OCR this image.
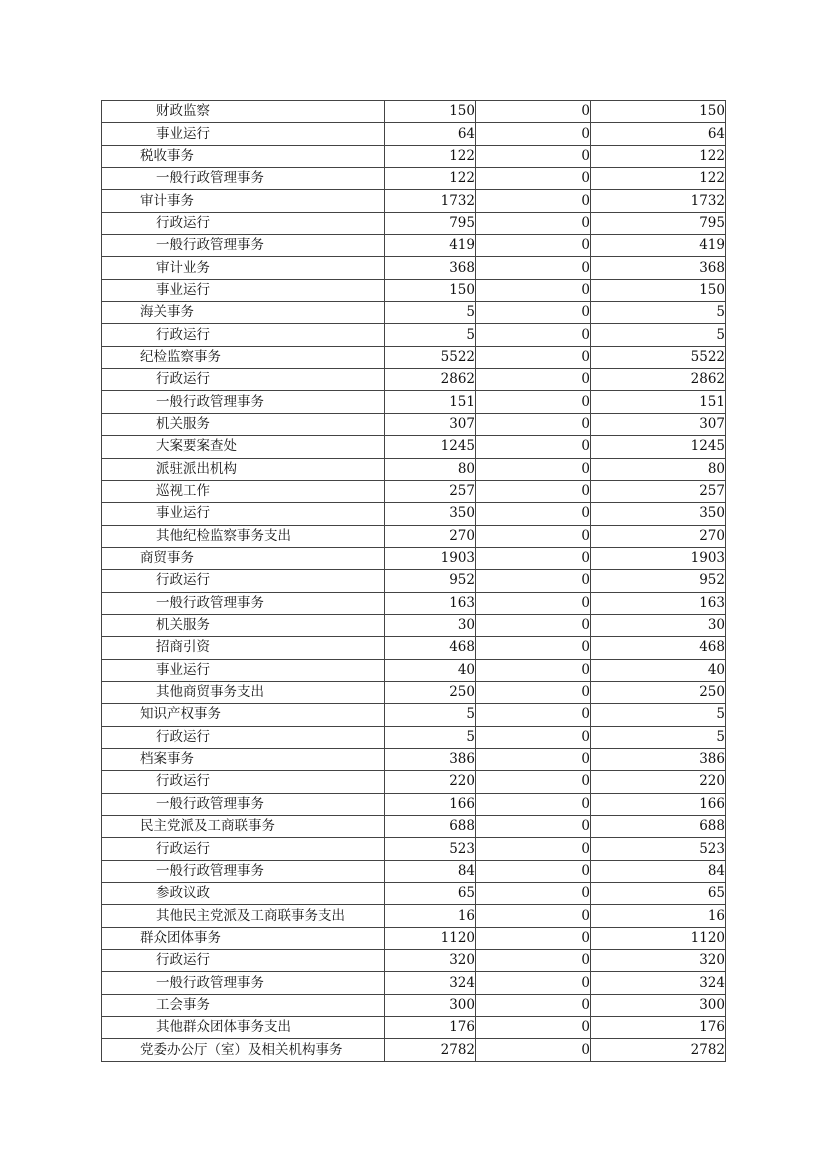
财政监察	150	0	150
事业运行	64	0	64
税收事务	122	0	122
一般行政管理事务	122	0	122
审计事务	1732	0	1732
行政运行	795	0	795
一般行政管理事务	419	0	419
审计业务	368	0	368
事业运行	150	0	150
海关事务	5	0	5
行政运行	5	0	5
纪检监察事务	5522	0	5522
行政运行	2862	0	2862
一般行政管理事务	151	0	151
机关服务	307	0	307
大案要案查处	1245	0	1245
派驻派出机构	80	0	80
巡视工作	257	0	257
事业运行	350	0	350
其他纪检监察事务支出	270	0	270
商贸事务	1903	0	1903
行政运行	952	0	952
一般行政管理事务	163	0	163
机关服务	30	0	30
招商引资	468	0	468
事业运行	40	0	40
其他商贸事务支出	250	0	250
知识产权事务	5	0	5
行政运行	5	0	5
档案事务	386	0	386
行政运行	220	0	220
一般行政管理事务	166	0	166
民主党派及工商联事务	688	0	688
行政运行	523	0	523
一般行政管理事务	84	0	84
参政议政	65	0	65
其他民主党派及工商联事务支出	16	0	16
群众团体事务	1120	0	1120
行政运行	320	0	320
一般行政管理事务	324	0	324
工会事务	300	0	300
其他群众团体事务支出	176	0	176
党委办公厅（室）及相关机构事务	2782	0	2782
